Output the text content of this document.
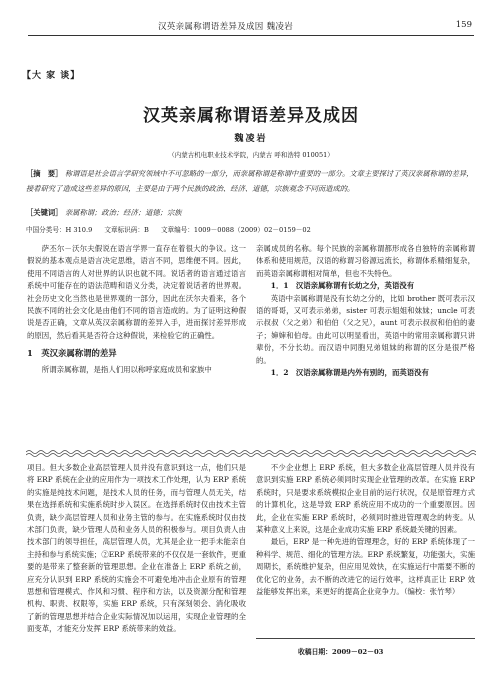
汉英亲属称谓语差异及成因 魏凌岩	159
【大 家 谈】
汉英亲属称谓语差异及成因
魏凌岩
（内蒙古机电职业技术学院，内蒙古 呼和浩特 010051）
［摘　要］ 称谓语是社会语言学研究领域中不可忽略的一部分，而亲属称谓是称谓中重要的一部分。文章主要探讨了英汉亲属称谓的差异，接着研究了造成这些差异的原因，主要是由于两个民族的政治、经济、道德，宗族观念不同而造成的。
［关键词］ 亲属称谓；政治；经济；道德；宗族
中国分类号：H 310.9 文章标识码：B 文章编号：1009－0088（2009）02－0159－02

萨丕尔－沃尔夫假说在语言学界一直存在着很大的争议。这一假说的基本观点是语言决定思维，语言不同，思维便不同。因此，使用不同语言的人对世界的认识也就不同。说话者的语言通过语言系统中可能存在的语法范畴和语义分类，决定着说话者的世界观。社会历史文化当然也是世界观的一部分，因此在沃尔夫看来，各个民族不同的社会文化是由他们不同的语言造成的。为了证明这种假说是否正确，文章从英汉亲属称谓的差异入手，进而探讨差异形成的原因，然后看其是否符合这种假说，来检验它的正确性。

1　英汉亲属称谓的差异

所谓亲属称谓，是指人们用以称呼家庭成员和家族中

亲属成员的名称。每个民族的亲属称谓都形成各自独特的亲属称谓体系和使用规范，汉语的称谓习俗源远流长，称谓体系精细复杂，而英语亲属称谓相对简单，但也不失特色。

1．1　汉语亲属称谓有长幼之分，英语没有

英语中亲属称谓是没有长幼之分的，比如 brother 既可表示汉语的哥哥，又可表示弟弟，sister 可表示姐姐和妹妹；uncle 可表示叔叔（父之弟）和伯伯（父之兄），aunt 可表示叔叔和伯伯的妻子；婶婶和伯母。由此可以明显看出，英语中的常用亲属称谓只讲辈份，不分长幼。而汉语中同胞兄弟姐妹的称谓的区分是很严格的。

1．2　汉语亲属称谓是内外有别的，而英语没有

项目。但大多数企业高层管理人员并没有意识到这一点，他们只是将 ERP 系统在企业的应用作为一项技术工作处理，认为 ERP 系统的实施是纯技术问题，是技术人员的任务，而与管理人员无关，结果在选择系统和实施系统时步入误区。在选择系统时仅由技术主管负责，缺少高层管理人员和业务主管的参与。在实施系统时仅由技术部门负责，缺少管理人员和业务人员的积极参与。项目负责人由技术部门的领导担任，高层管理人员，尤其是企业一把手未能亲自主持和参与系统实施；②ERP 系统带来的不仅仅是一套软件，更重要的是带来了整套新的管理思想。企业在准备上 ERP 系统之前，应充分认识到 ERP 系统的实施会不可避免地冲击企业原有的管理思想和管理模式、作风和习惯、程序和方法，以及资源分配和管理机构、职责、权限等，实施 ERP 系统，只有深刻领会、消化吸收了新的管理思想并结合企业实际情况加以运用，实现企业管理的全面变革，才能充分发挥 ERP 系统带来的效益。

不少企业想上 ERP 系统，但大多数企业高层管理人员并没有意识到实施 ERP 系统必须同时实现企业管理的改革。在实施 ERP 系统时，只是要求系统模拟企业目前的运行状况，仅是原管理方式的计算机化，这是导致 ERP 系统应用不成功的一个重要原因。因此，企业在实施 ERP 系统时，必须同时推进管理观念的转变。从某种意义上来说，这是企业成功实施 ERP 系统最关键的因素。

最后，ERP 是一种先进的管理理念，好的 ERP 系统体现了一种科学、规范、细化的管理方法。ERP 系统繁复，功能强大，实施周期长，系统维护复杂，但应用见效快，在实施运行中需要不断的优化它的业务，去不断的改进它的运行效率，这样真正让 ERP 效益能够发挥出来，来更好的提高企业竞争力。（编校：张竹琴）

收稿日期：2009－02－03
